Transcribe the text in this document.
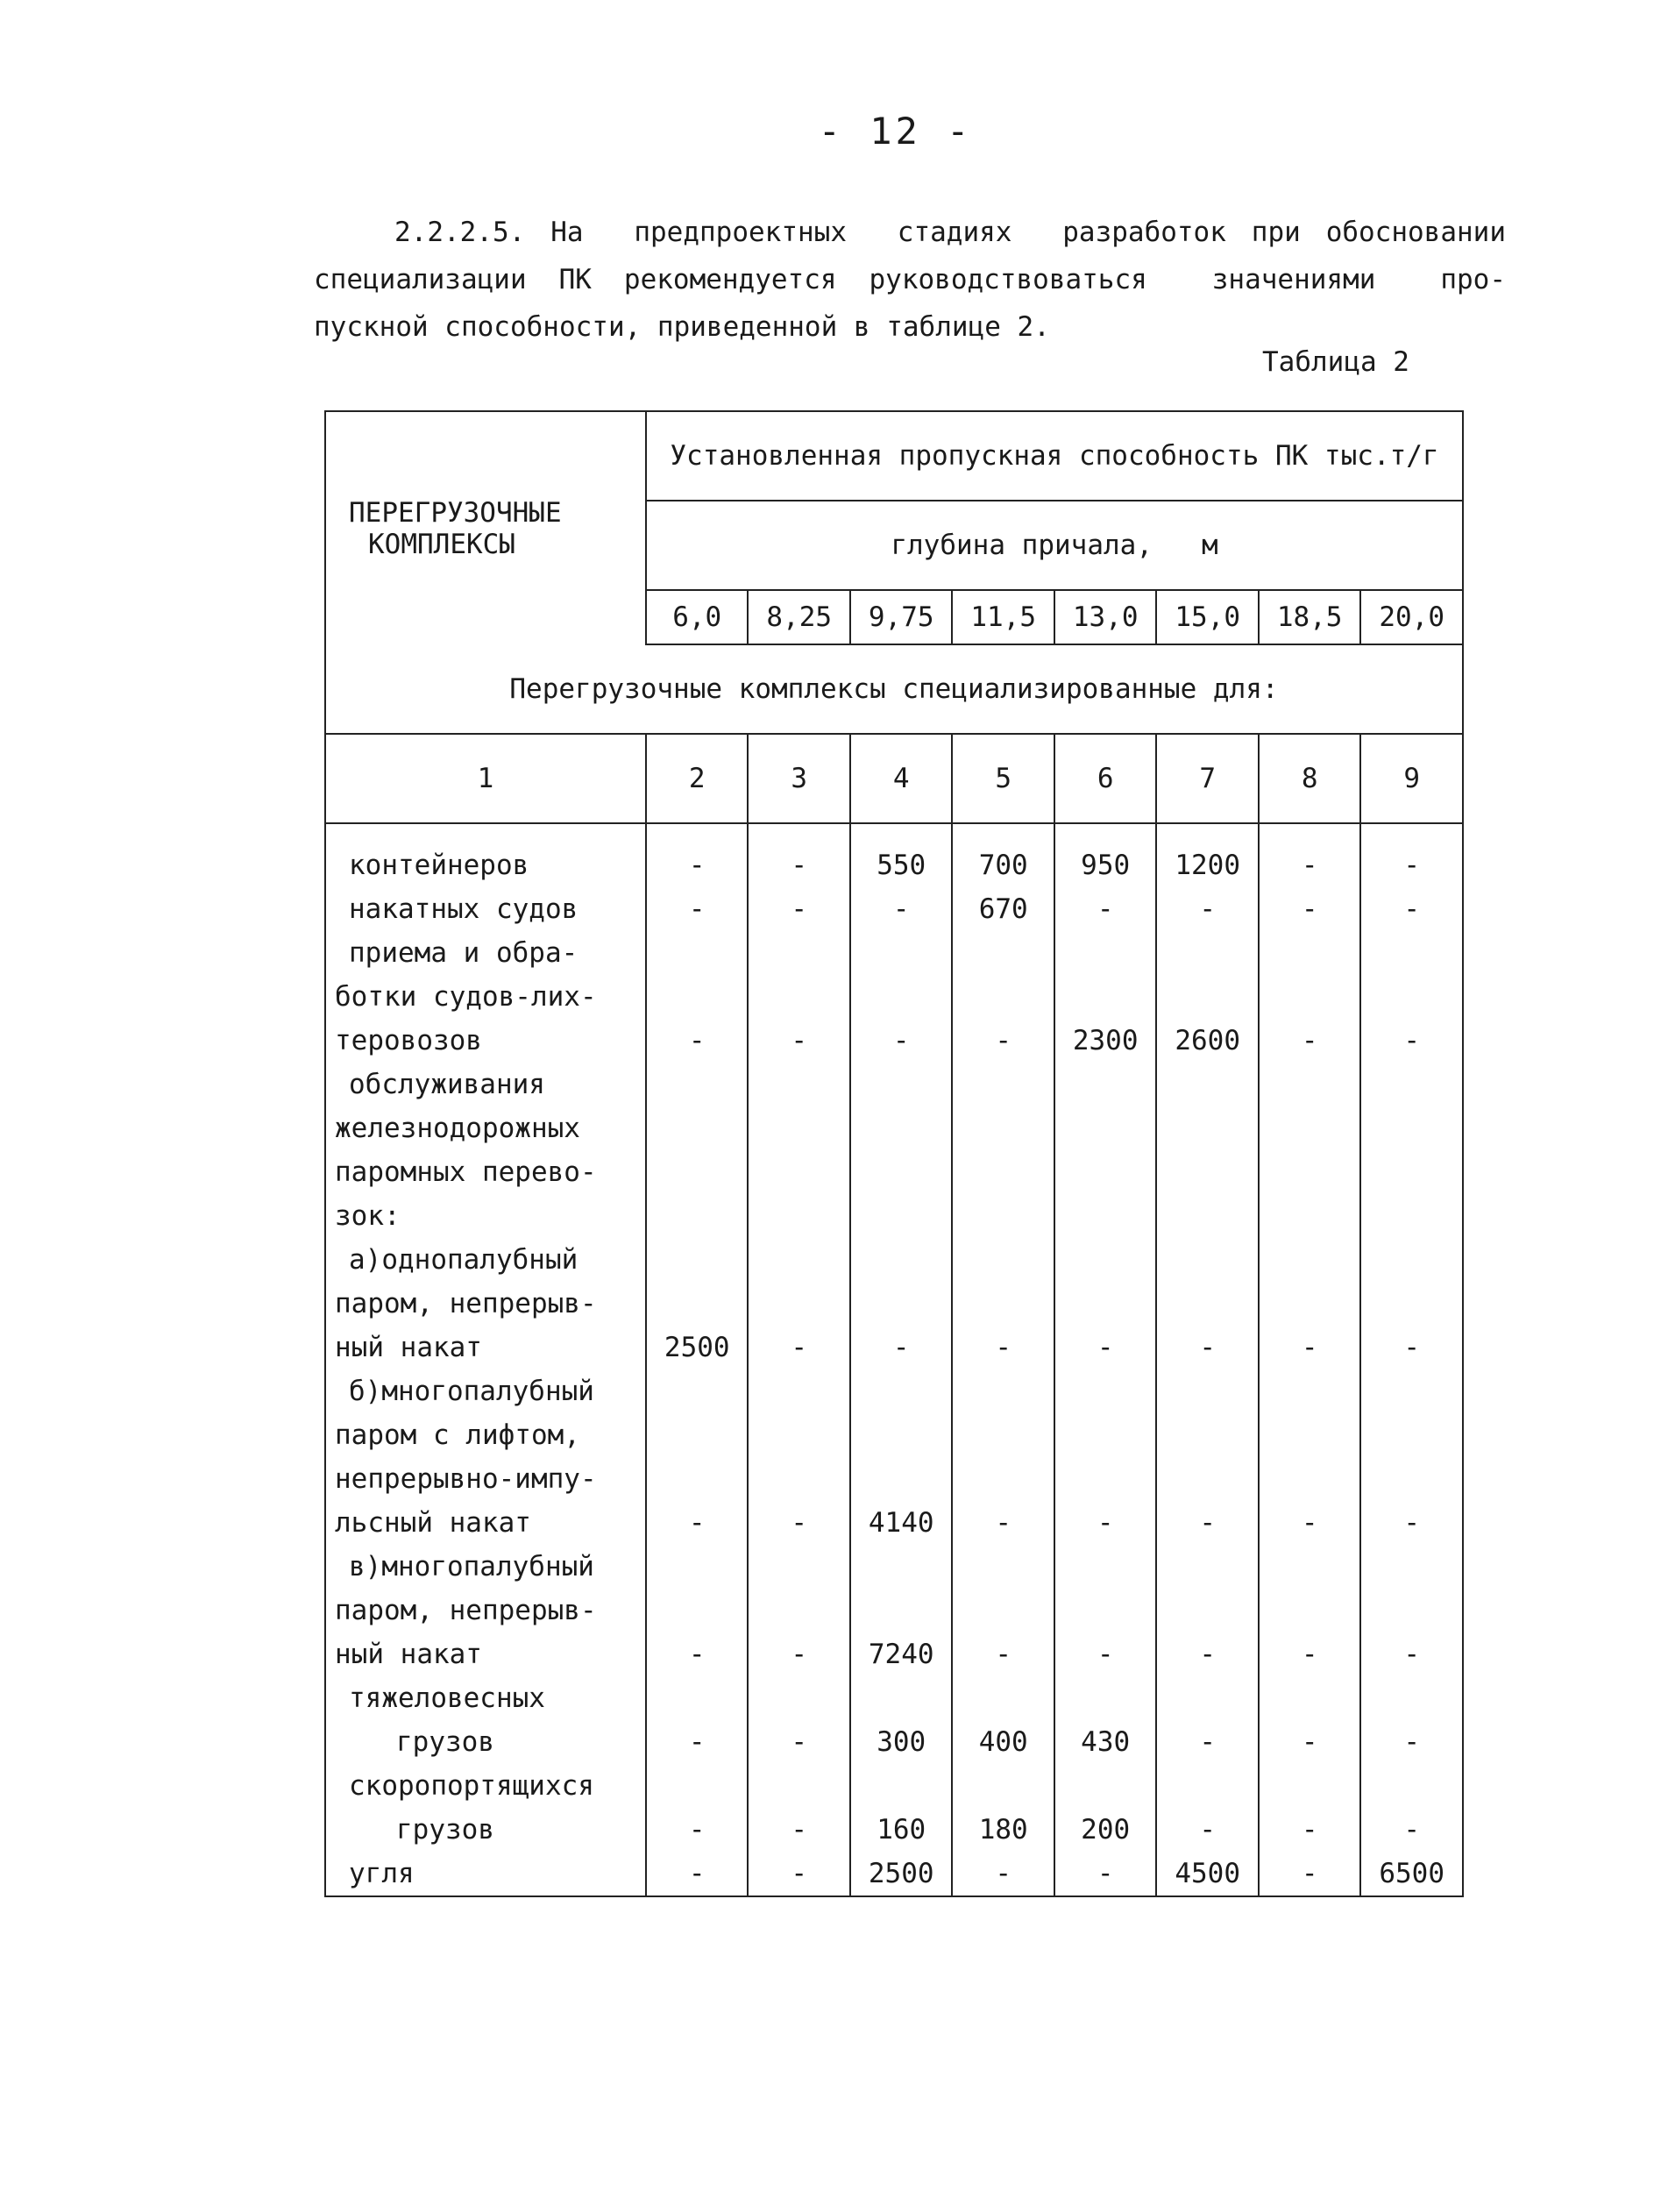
- 12 -
2.2.2.5. На  предпроектных  стадиях  разработок при обосновании
специализации ПК рекомендуется руководствоваться  значениями  про-
пускной способности, приведенной в таблице 2.
Таблица 2
ПЕРЕГРУЗОЧНЫЕ
КОМПЛЕКСЫ	Установленная пропускная способность ПК тыс.т/г							
	глубина причала,   м							
	6,0	8,25	9,75	11,5	13,0	15,0	18,5	20,0
Перегрузочные комплексы специализированные для:								
1	2	3	4	5	6	7	8	9
контейнеров	-	-	550	700	950	1200	-	-
накатных судов	-	-	-	670	-	-	-	-
приема и обра-								
ботки судов-лих-								
теровозов	-	-	-	-	2300	2600	-	-
обслуживания								
железнодорожных								
паромных перево-								
зок:								
а)однопалубный								
паром, непрерыв-								
ный накат	2500	-	-	-	-	-	-	-
б)многопалубный								
паром с лифтом,								
непрерывно-импу-								
льсный накат	-	-	4140	-	-	-	-	-
в)многопалубный								
паром, непрерыв-								
ный накат	-	-	7240	-	-	-	-	-
тяжеловесных								
грузов	-	-	300	400	430	-	-	-
скоропортящихся								
грузов	-	-	160	180	200	-	-	-
угля	-	-	2500	-	-	4500	-	6500
